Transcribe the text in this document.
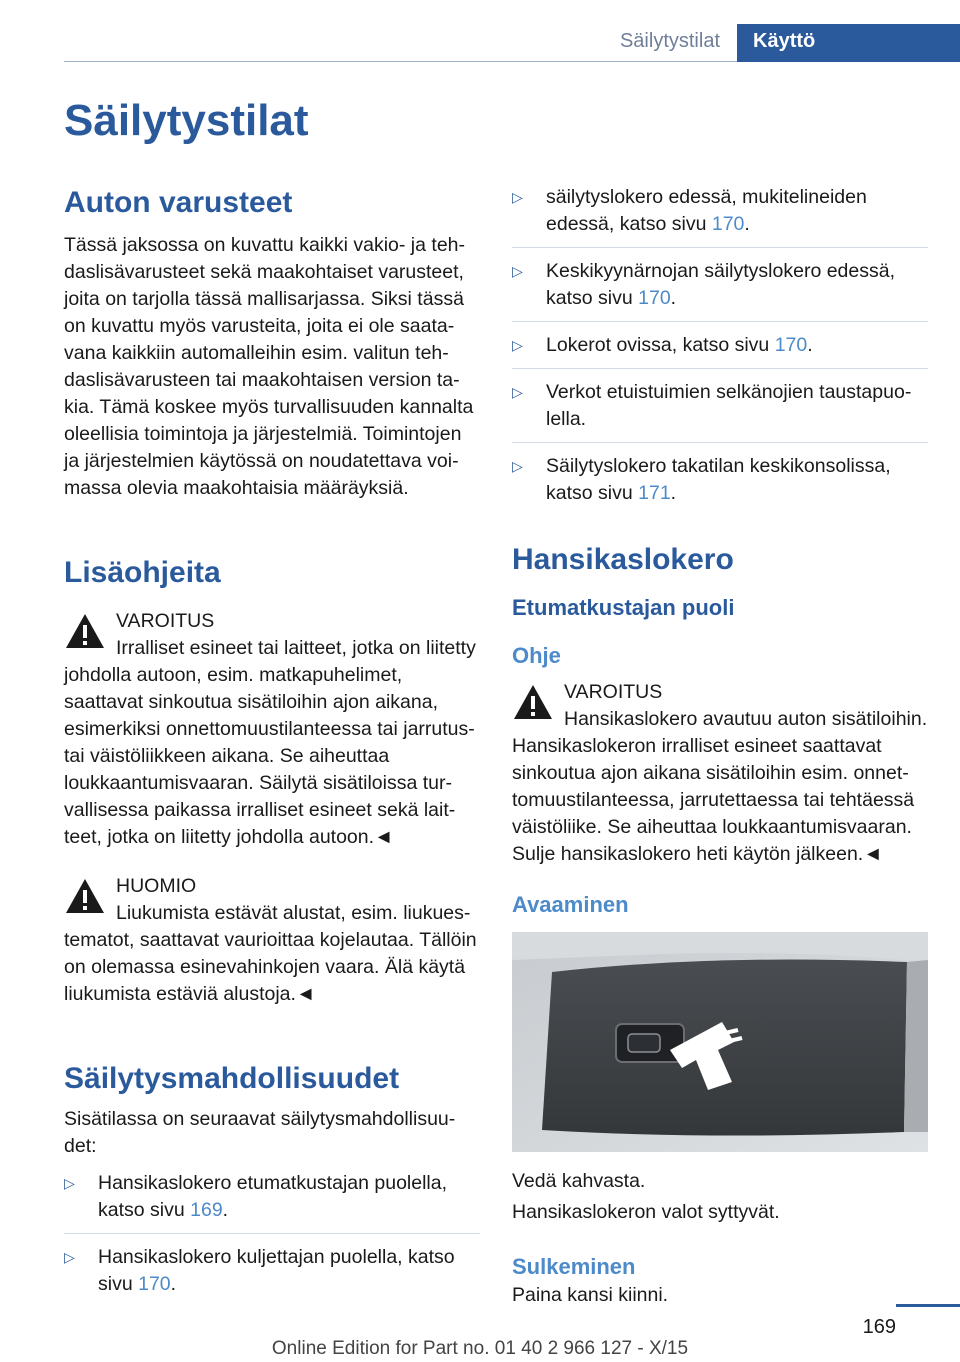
Säilytystilat	Käyttö
Säilytystilat
Auton varusteet

Tässä jaksossa on kuvattu kaikki vakio- ja tehdaslisävarusteet sekä maakohtaiset varusteet, joita on tarjolla tässä mallisarjassa. Siksi tässä on kuvattu myös varusteita, joita ei ole saatavana kaikkiin automalleihin esim. valitun tehdaslisävarusteen tai maakohtaisen version takia. Tämä koskee myös turvallisuuden kannalta oleellisia toimintoja ja järjestelmiä. Toimintojen ja järjestelmien käytössä on noudatettava voimassa olevia maakohtaisia määräyksiä.

Lisäohjeita
VAROITUS
Irralliset esineet tai laitteet, jotka on liitetty johdolla autoon, esim. matkapuhelimet, saattavat sinkoutua sisätiloihin ajon aikana, esimerkiksi onnettomuustilanteessa tai jarrutus- tai väistöliikkeen aikana. Se aiheuttaa loukkaantumisvaaran. Säilytä sisätiloissa turvallisessa paikassa irralliset esineet sekä laitteet, jotka on liitetty johdolla autoon.◄
HUOMIO
Liukumista estävät alustat, esim. liukuestematot, saattavat vaurioittaa kojelautaa. Tällöin on olemassa esinevahinkojen vaara. Älä käytä liukumista estäviä alustoja.◄
Säilytysmahdollisuudet

Sisätilassa on seuraavat säilytysmahdollisuudet:

▷ Hansikaslokero etumatkustajan puolella, katso sivu 169.
▷ Hansikaslokero kuljettajan puolella, katso sivu 170.
▷ säilytyslokero edessä, mukitelineiden edessä, katso sivu 170.
▷ Keskikyynärnojan säilytyslokero edessä, katso sivu 170.
▷ Lokerot ovissa, katso sivu 170.
▷ Verkot etuistuimien selkänojien taustapuolella.
▷ Säilytyslokero takatilan keskikonsolissa, katso sivu 171.
Hansikaslokero
Etumatkustajan puoli
Ohje
VAROITUS
Hansikaslokero avautuu auton sisätiloihin. Hansikaslokeron irralliset esineet saattavat sinkoutua ajon aikana sisätiloihin esim. onnettomuustilanteessa, jarrutettaessa tai tehtäessä väistöliike. Se aiheuttaa loukkaantumisvaaran. Sulje hansikaslokero heti käytön jälkeen.◄
Avaaminen

Vedä kahvasta.

Hansikaslokeron valot syttyvät.

Sulkeminen

Paina kansi kiinni.

169
Online Edition for Part no. 01 40 2 966 127 - X/15
